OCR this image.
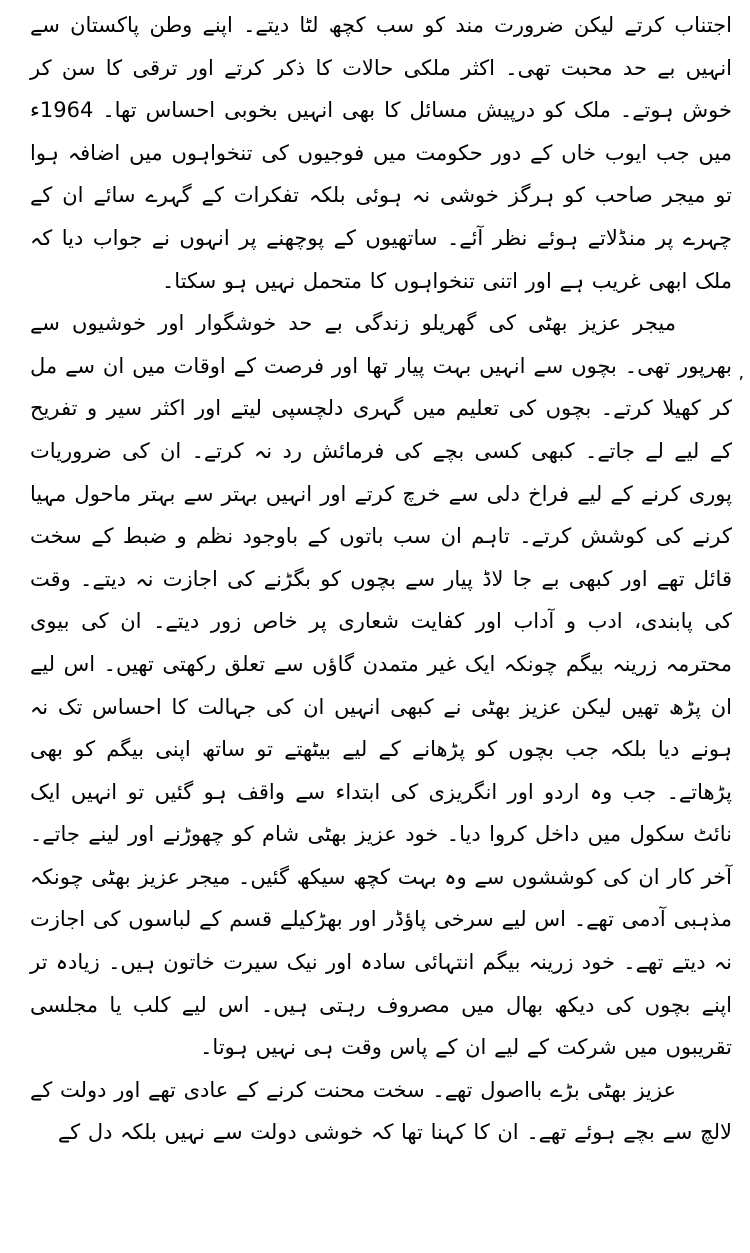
اجتناب کرتے لیکن ضرورت مند کو سب کچھ لٹا دیتے۔ اپنے وطن پاکستان سے انہیں بے حد محبت تھی۔ اکثر ملکی حالات کا ذکر کرتے اور ترقی کا سن کر خوش ہوتے۔ ملک کو درپیش مسائل کا بھی انہیں بخوبی احساس تھا۔ 1964ء میں جب ایوب خاں کے دور حکومت میں فوجیوں کی تنخواہوں میں اضافہ ہوا تو میجر صاحب کو ہرگز خوشی نہ ہوئی بلکہ تفکرات کے گہرے سائے ان کے چہرے پر منڈلاتے ہوئے نظر آئے۔ ساتھیوں کے پوچھنے پر انہوں نے جواب دیا کہ ملک ابھی غریب ہے اور اتنی تنخواہوں کا متحمل نہیں ہو سکتا۔

میجر عزیز بھٹی کی گھریلو زندگی بے حد خوشگوار اور خوشیوں سے بھرپور تھی۔ بچوں سے انہیں بہت پیار تھا اور فرصت کے اوقات میں ان سے مل کر کھیلا کرتے۔ بچوں کی تعلیم میں گہری دلچسپی لیتے اور اکثر سیر و تفریح کے لیے لے جاتے۔ کبھی کسی بچے کی فرمائش رد نہ کرتے۔ ان کی ضروریات پوری کرنے کے لیے فراخ دلی سے خرچ کرتے اور انہیں بہتر سے بہتر ماحول مہیا کرنے کی کوشش کرتے۔ تاہم ان سب باتوں کے باوجود نظم و ضبط کے سخت قائل تھے اور کبھی بے جا لاڈ پیار سے بچوں کو بگڑنے کی اجازت نہ دیتے۔ وقت کی پابندی، ادب و آداب اور کفایت شعاری پر خاص زور دیتے۔ ان کی بیوی محترمہ زرینہ بیگم چونکہ ایک غیر متمدن گاؤں سے تعلق رکھتی تھیں۔ اس لیے ان پڑھ تھیں لیکن عزیز بھٹی نے کبھی انہیں ان کی جہالت کا احساس تک نہ ہونے دیا بلکہ جب بچوں کو پڑھانے کے لیے بیٹھتے تو ساتھ اپنی بیگم کو بھی پڑھاتے۔ جب وہ اردو اور انگریزی کی ابتداء سے واقف ہو گئیں تو انہیں ایک نائٹ سکول میں داخل کروا دیا۔ خود عزیز بھٹی شام کو چھوڑنے اور لینے جاتے۔ آخر کار ان کی کوششوں سے وہ بہت کچھ سیکھ گئیں۔ میجر عزیز بھٹی چونکہ مذہبی آدمی تھے۔ اس لیے سرخی پاؤڈر اور بھڑکیلے قسم کے لباسوں کی اجازت نہ دیتے تھے۔ خود زرینہ بیگم انتہائی سادہ اور نیک سیرت خاتون ہیں۔ زیادہ تر اپنے بچوں کی دیکھ بھال میں مصروف رہتی ہیں۔ اس لیے کلب یا مجلسی تقریبوں میں شرکت کے لیے ان کے پاس وقت ہی نہیں ہوتا۔

عزیز بھٹی بڑے بااصول تھے۔ سخت محنت کرنے کے عادی تھے اور دولت کے لالچ سے بچے ہوئے تھے۔ ان کا کہنا تھا کہ خوشی دولت سے نہیں بلکہ دل کے

’
